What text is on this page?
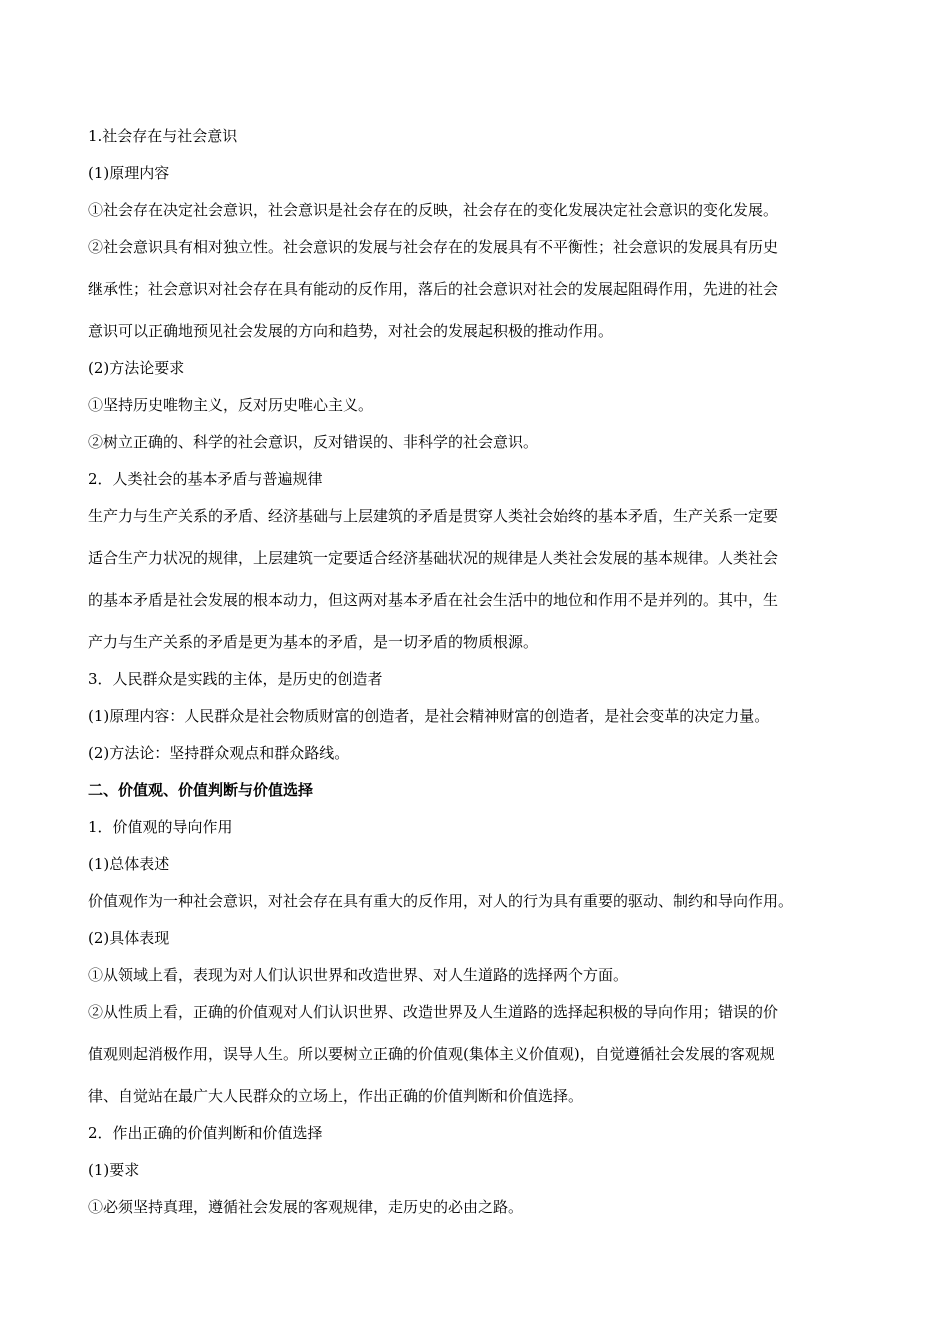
1.社会存在与社会意识

(1)原理内容

①社会存在决定社会意识，社会意识是社会存在的反映，社会存在的变化发展决定社会意识的变化发展。

②社会意识具有相对独立性。社会意识的发展与社会存在的发展具有不平衡性；社会意识的发展具有历史

继承性；社会意识对社会存在具有能动的反作用，落后的社会意识对社会的发展起阻碍作用，先进的社会

意识可以正确地预见社会发展的方向和趋势，对社会的发展起积极的推动作用。

(2)方法论要求

①坚持历史唯物主义，反对历史唯心主义。

②树立正确的、科学的社会意识，反对错误的、非科学的社会意识。

2．人类社会的基本矛盾与普遍规律

生产力与生产关系的矛盾、经济基础与上层建筑的矛盾是贯穿人类社会始终的基本矛盾，生产关系一定要

适合生产力状况的规律，上层建筑一定要适合经济基础状况的规律是人类社会发展的基本规律。人类社会

的基本矛盾是社会发展的根本动力，但这两对基本矛盾在社会生活中的地位和作用不是并列的。其中，生

产力与生产关系的矛盾是更为基本的矛盾，是一切矛盾的物质根源。

3．人民群众是实践的主体，是历史的创造者

(1)原理内容：人民群众是社会物质财富的创造者，是社会精神财富的创造者，是社会变革的决定力量。

(2)方法论：坚持群众观点和群众路线。

二、价值观、价值判断与价值选择

1．价值观的导向作用

(1)总体表述

价值观作为一种社会意识，对社会存在具有重大的反作用，对人的行为具有重要的驱动、制约和导向作用。

(2)具体表现

①从领域上看，表现为对人们认识世界和改造世界、对人生道路的选择两个方面。

②从性质上看，正确的价值观对人们认识世界、改造世界及人生道路的选择起积极的导向作用；错误的价

值观则起消极作用，误导人生。所以要树立正确的价值观(集体主义价值观)，自觉遵循社会发展的客观规

律、自觉站在最广大人民群众的立场上，作出正确的价值判断和价值选择。

2．作出正确的价值判断和价值选择

(1)要求

①必须坚持真理，遵循社会发展的客观规律，走历史的必由之路。
